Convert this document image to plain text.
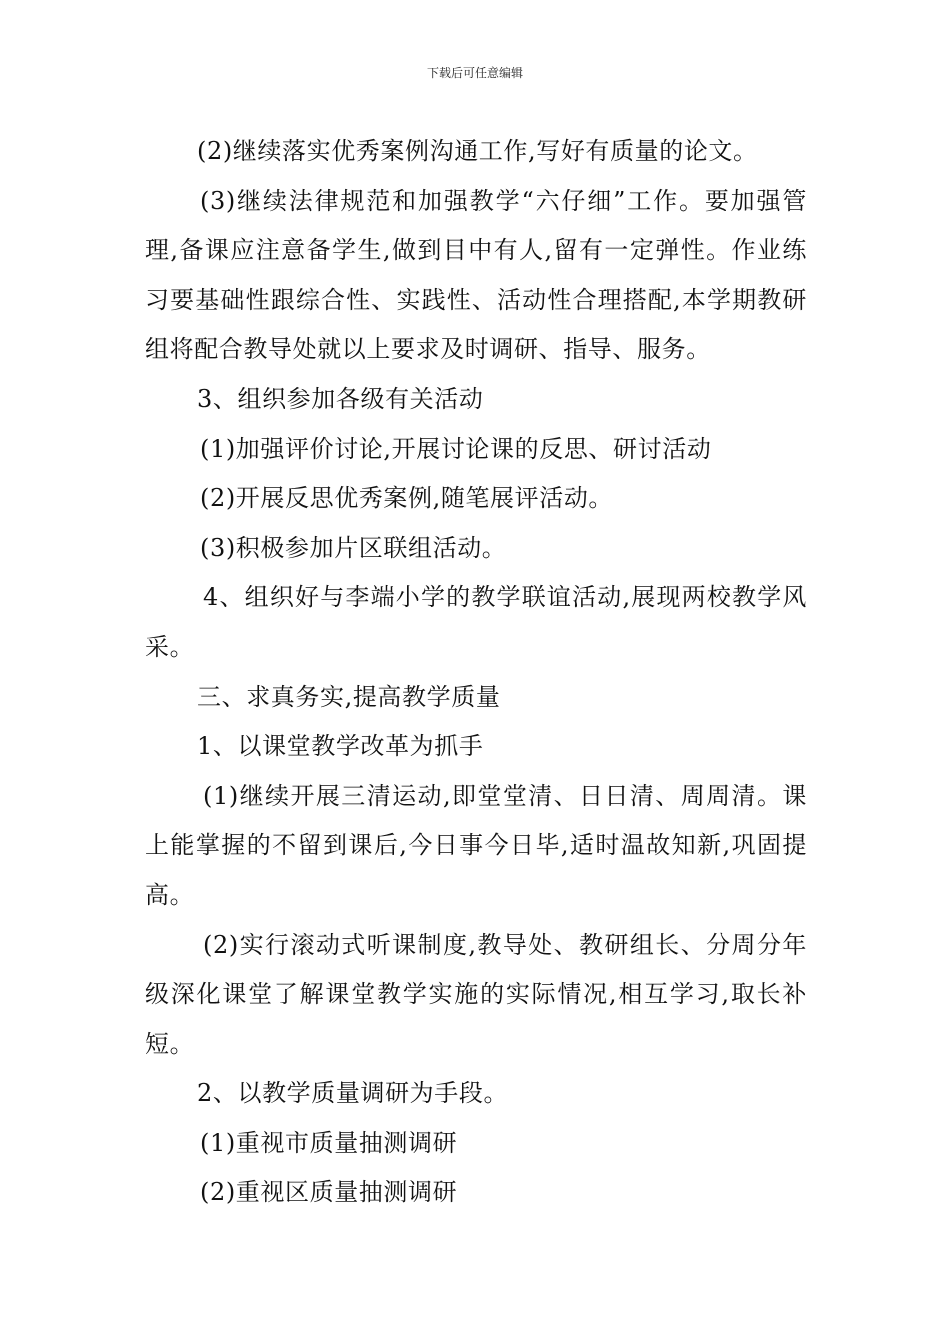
下载后可任意编辑

(2)继续落实优秀案例沟通工作,写好有质量的论文。

(3)继续法律规范和加强教学“六仔细”工作。要加强管理,备课应注意备学生,做到目中有人,留有一定弹性。作业练习要基础性跟综合性、实践性、活动性合理搭配,本学期教研组将配合教导处就以上要求及时调研、指导、服务。

3、组织参加各级有关活动

(1)加强评价讨论,开展讨论课的反思、研讨活动

(2)开展反思优秀案例,随笔展评活动。

(3)积极参加片区联组活动。

4、组织好与李端小学的教学联谊活动,展现两校教学风采。

三、求真务实,提高教学质量

1、以课堂教学改革为抓手

(1)继续开展三清运动,即堂堂清、日日清、周周清。课上能掌握的不留到课后,今日事今日毕,适时温故知新,巩固提高。

(2)实行滚动式听课制度,教导处、教研组长、分周分年级深化课堂了解课堂教学实施的实际情况,相互学习,取长补短。

2、以教学质量调研为手段。

(1)重视市质量抽测调研

(2)重视区质量抽测调研
